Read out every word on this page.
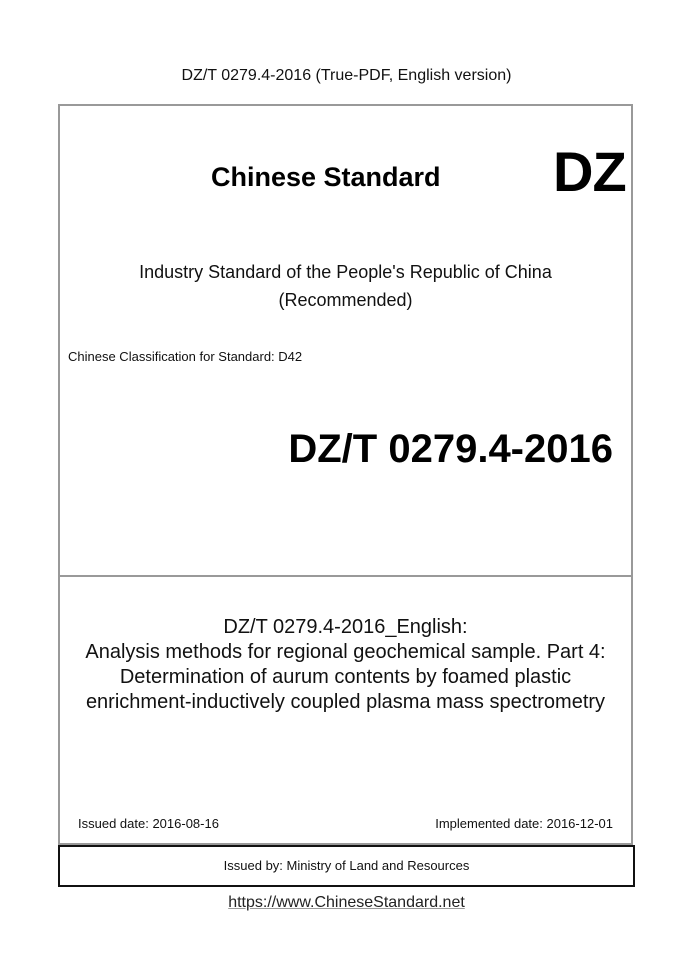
DZ/T 0279.4-2016 (True-PDF, English version)
Chinese Standard DZ
Industry Standard of the People's Republic of China
(Recommended)
Chinese Classification for Standard: D42
DZ/T 0279.4-2016
DZ/T 0279.4-2016_English:
Analysis methods for regional geochemical sample. Part 4:
Determination of aurum contents by foamed plastic
enrichment-inductively coupled plasma mass spectrometry
Issued date: 2016-08-16	Implemented date: 2016-12-01
Issued by: Ministry of Land and Resources
https://www.ChineseStandard.net
